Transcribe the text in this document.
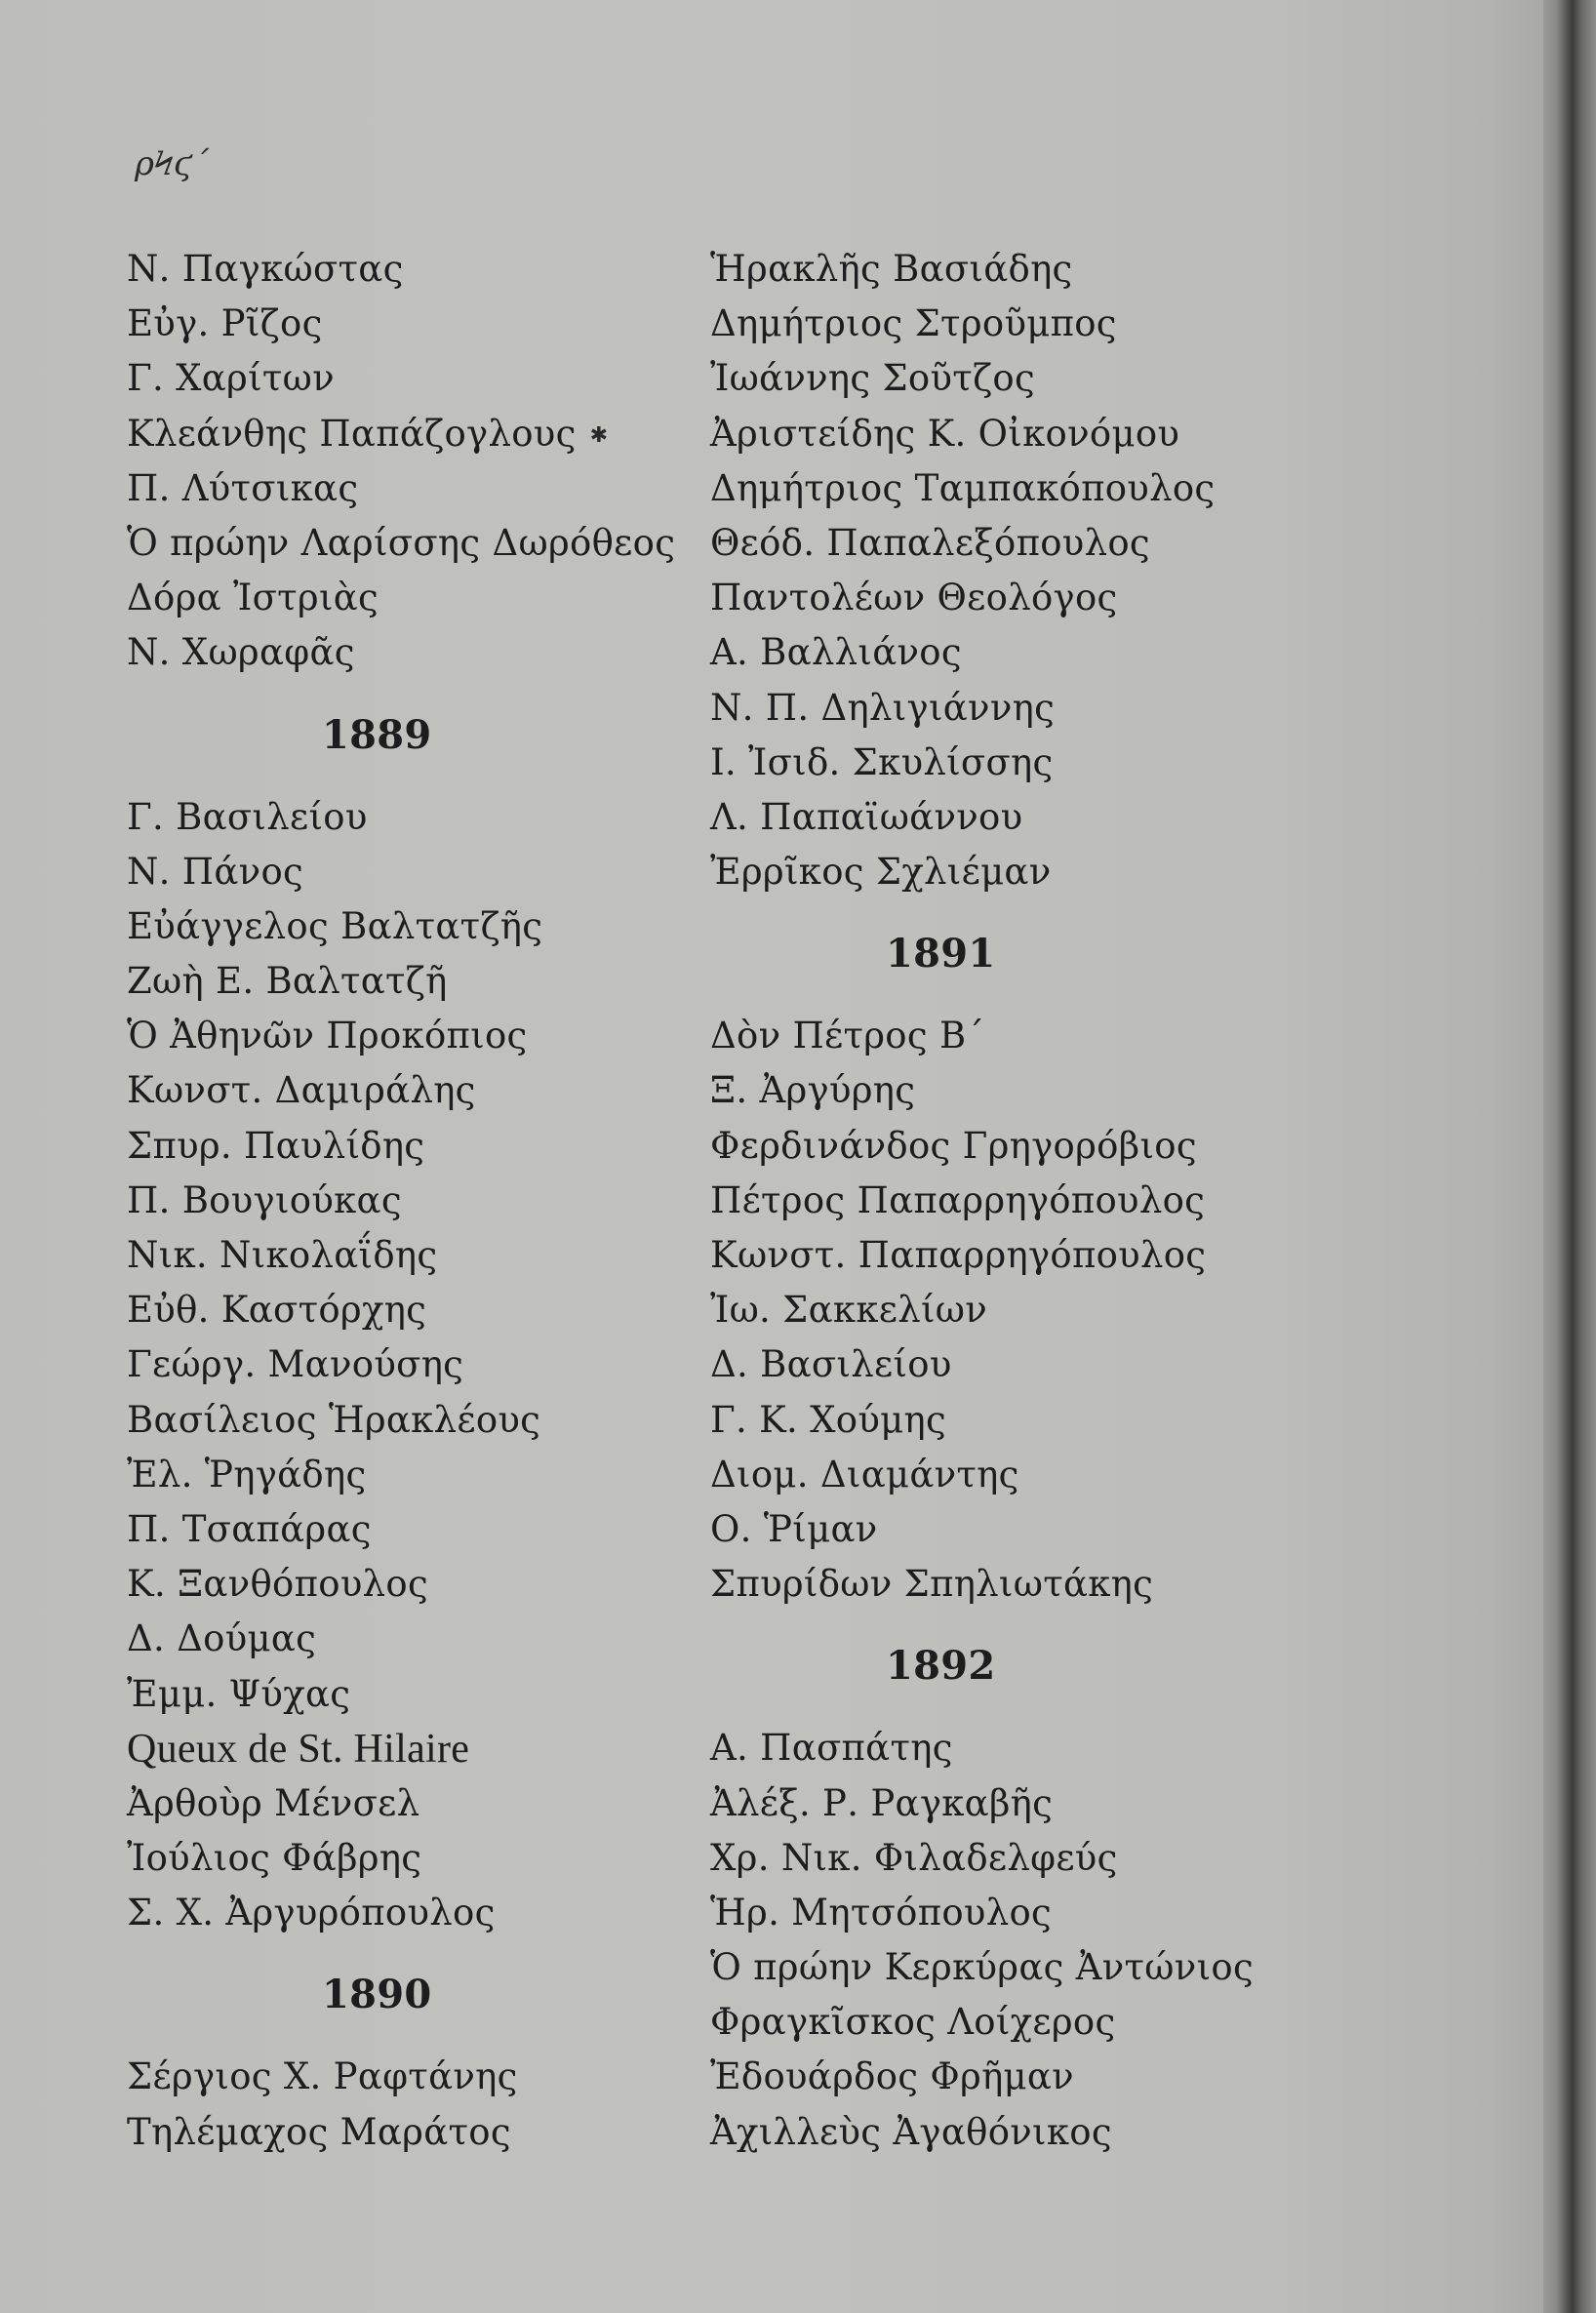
ρϞϛ΄
Ν. Παγκώστας
Εὐγ. Ρῖζος
Γ. Χαρίτων
Κλεάνθης Παπάζογλους ✱
Π. Λύτσικας
Ὁ πρώην Λαρίσσης Δωρόθεος
Δόρα Ἰστριὰς
Ν. Χωραφᾶς
1889
Γ. Βασιλείου
Ν. Πάνος
Εὐάγγελος Βαλτατζῆς
Ζωὴ Ε. Βαλτατζῆ
Ὁ Ἀθηνῶν Προκόπιος
Κωνστ. Δαμιράλης
Σπυρ. Παυλίδης
Π. Βουγιούκας
Νικ. Νικολαΐδης
Εὐθ. Καστόρχης
Γεώργ. Μανούσης
Βασίλειος Ἡρακλέους
Ἐλ. Ῥηγάδης
Π. Τσαπάρας
Κ. Ξανθόπουλος
Δ. Δούμας
Ἐμμ. Ψύχας
Queux de St. Hilaire
Ἀρθοὺρ Μένσελ
Ἰούλιος Φάβρης
Σ. Χ. Ἀργυρόπουλος
1890
Σέργιος Χ. Ραφτάνης
Τηλέμαχος Μαράτος
Ἡρακλῆς Βασιάδης
Δημήτριος Στροῦμπος
Ἰωάννης Σοῦτζος
Ἀριστείδης Κ. Οἰκονόμου
Δημήτριος Ταμπακόπουλος
Θεόδ. Παπαλεξόπουλος
Παντολέων Θεολόγος
Α. Βαλλιάνος
Ν. Π. Δηλιγιάννης
Ι. Ἰσιδ. Σκυλίσσης
Λ. Παπαϊωάννου
Ἐρρῖκος Σχλιέμαν
1891
Δὸν Πέτρος Β΄
Ξ. Ἀργύρης
Φερδινάνδος Γρηγορόβιος
Πέτρος Παπαρρηγόπουλος
Κωνστ. Παπαρρηγόπουλος
Ἰω. Σακκελίων
Δ. Βασιλείου
Γ. Κ. Χούμης
Διομ. Διαμάντης
Ο. Ῥίμαν
Σπυρίδων Σπηλιωτάκης
1892
Α. Πασπάτης
Ἀλέξ. Ρ. Ραγκαβῆς
Χρ. Νικ. Φιλαδελφεύς
Ἡρ. Μητσόπουλος
Ὁ πρώην Κερκύρας Ἀντώνιος
Φραγκῖσκος Λοίχερος
Ἐδουάρδος Φρῆμαν
Ἀχιλλεὺς Ἀγαθόνικος
